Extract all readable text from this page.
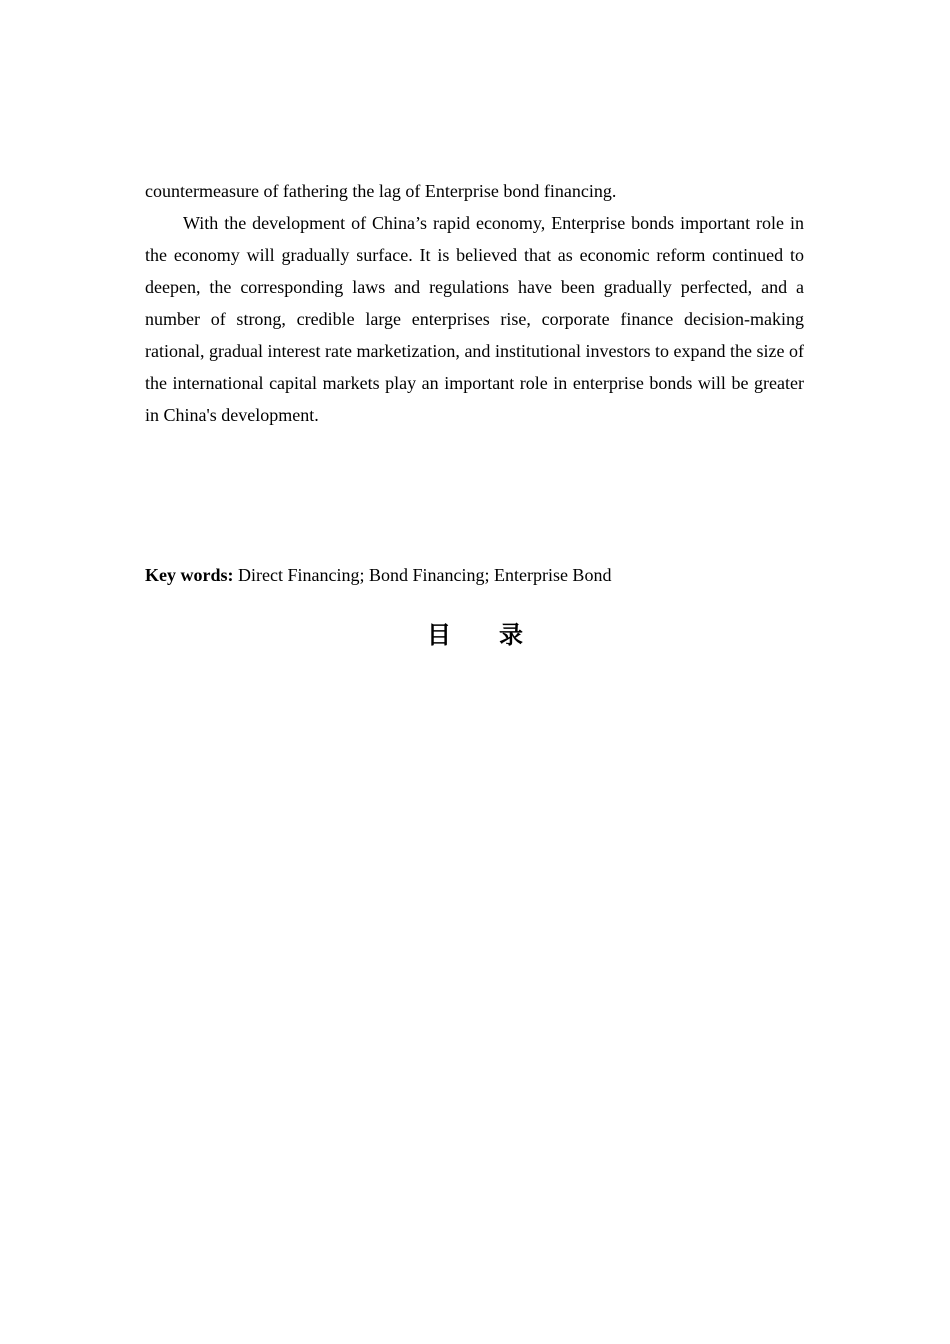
countermeasure of fathering the lag of Enterprise bond financing.

With the development of China’s rapid economy, Enterprise bonds important role in the economy will gradually surface. It is believed that as economic reform continued to deepen, the corresponding laws and regulations have been gradually perfected, and a number of strong, credible large enterprises rise, corporate finance decision-making rational, gradual interest rate marketization, and institutional investors to expand the size of the international capital markets play an important role in enterprise bonds will be greater in China's development.

Key words: Direct Financing; Bond Financing; Enterprise Bond

目 录
